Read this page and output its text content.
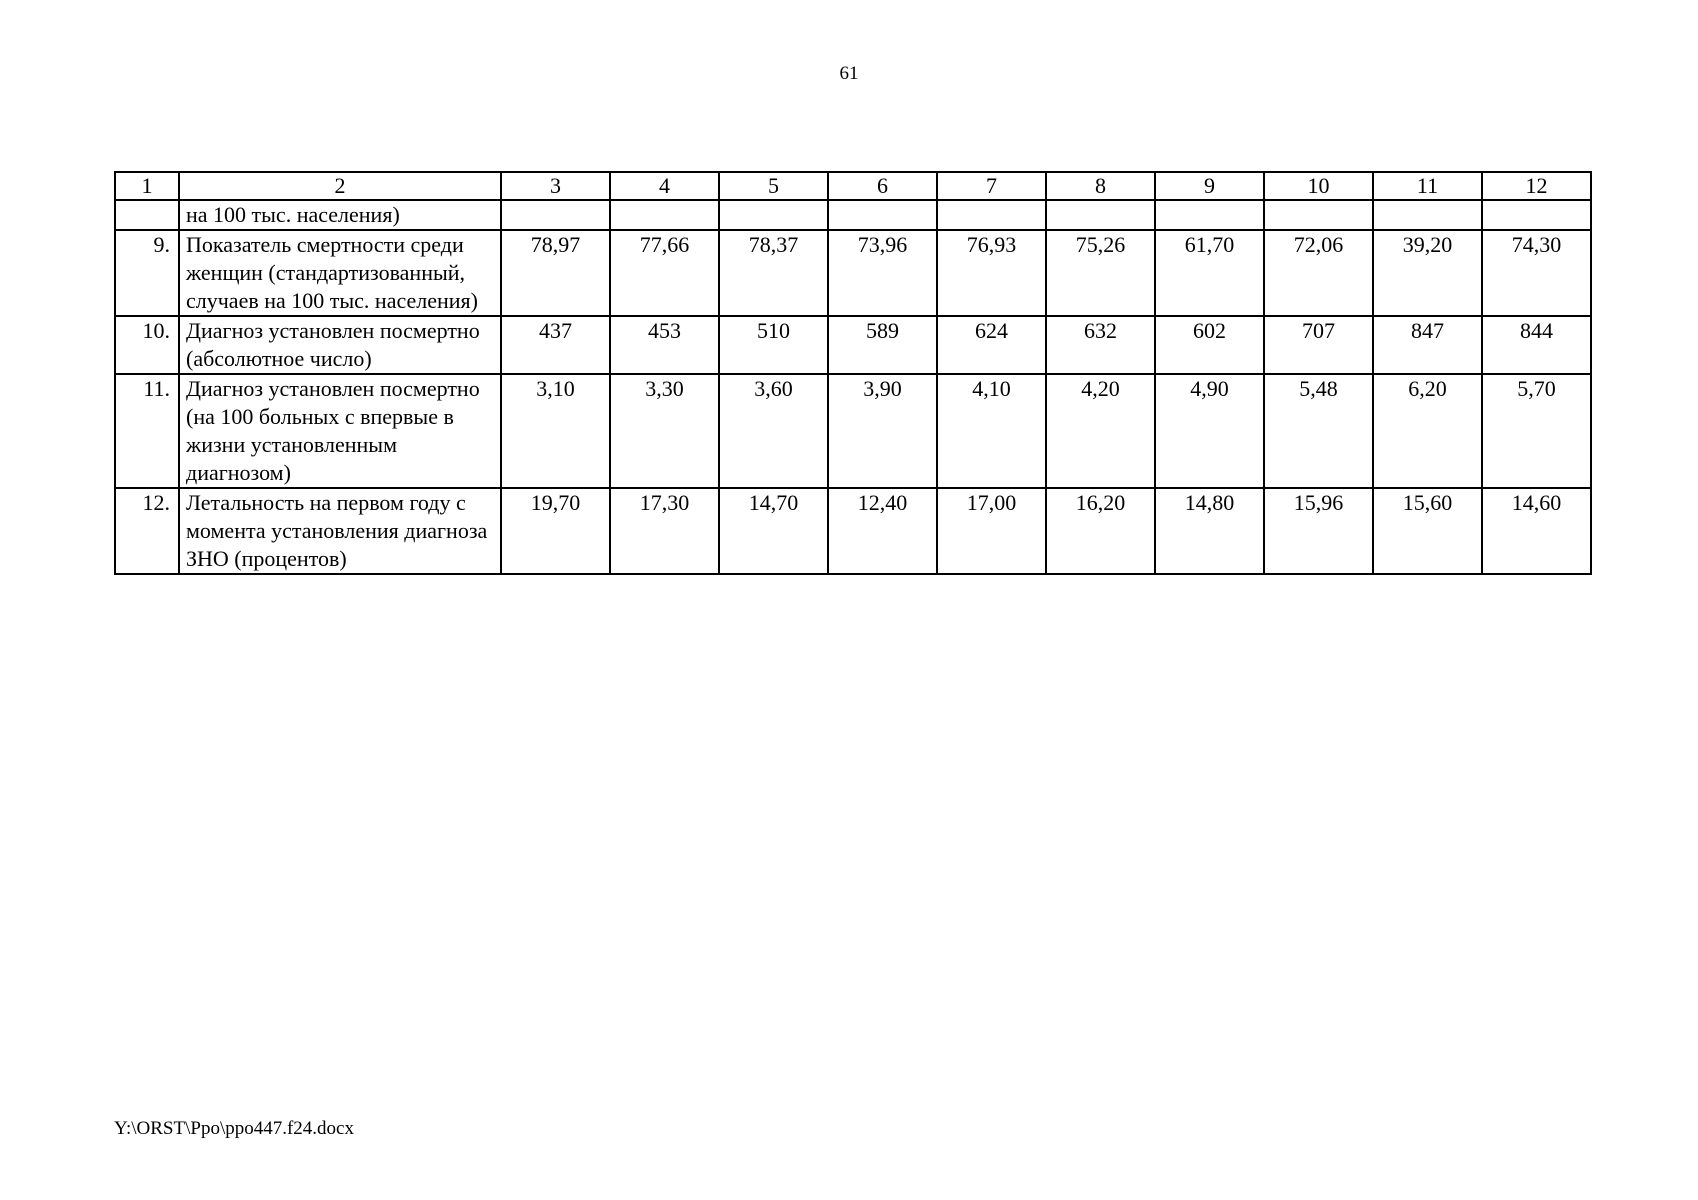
61
1	2	3	4	5	6	7	8	9	10	11	12
	на 100 тыс. населения)										
9.	Показатель смертности среди женщин (стандартизованный, случаев на 100 тыс. населения)	78,97	77,66	78,37	73,96	76,93	75,26	61,70	72,06	39,20	74,30
10.	Диагноз установлен посмертно (абсолютное число)	437	453	510	589	624	632	602	707	847	844
11.	Диагноз установлен посмертно (на 100 больных с впервые в жизни установленным диагнозом)	3,10	3,30	3,60	3,90	4,10	4,20	4,90	5,48	6,20	5,70
12.	Летальность на первом году с момента установления диагноза ЗНО (процентов)	19,70	17,30	14,70	12,40	17,00	16,20	14,80	15,96	15,60	14,60
Y:\ORST\Ppo\ppo447.f24.docx
